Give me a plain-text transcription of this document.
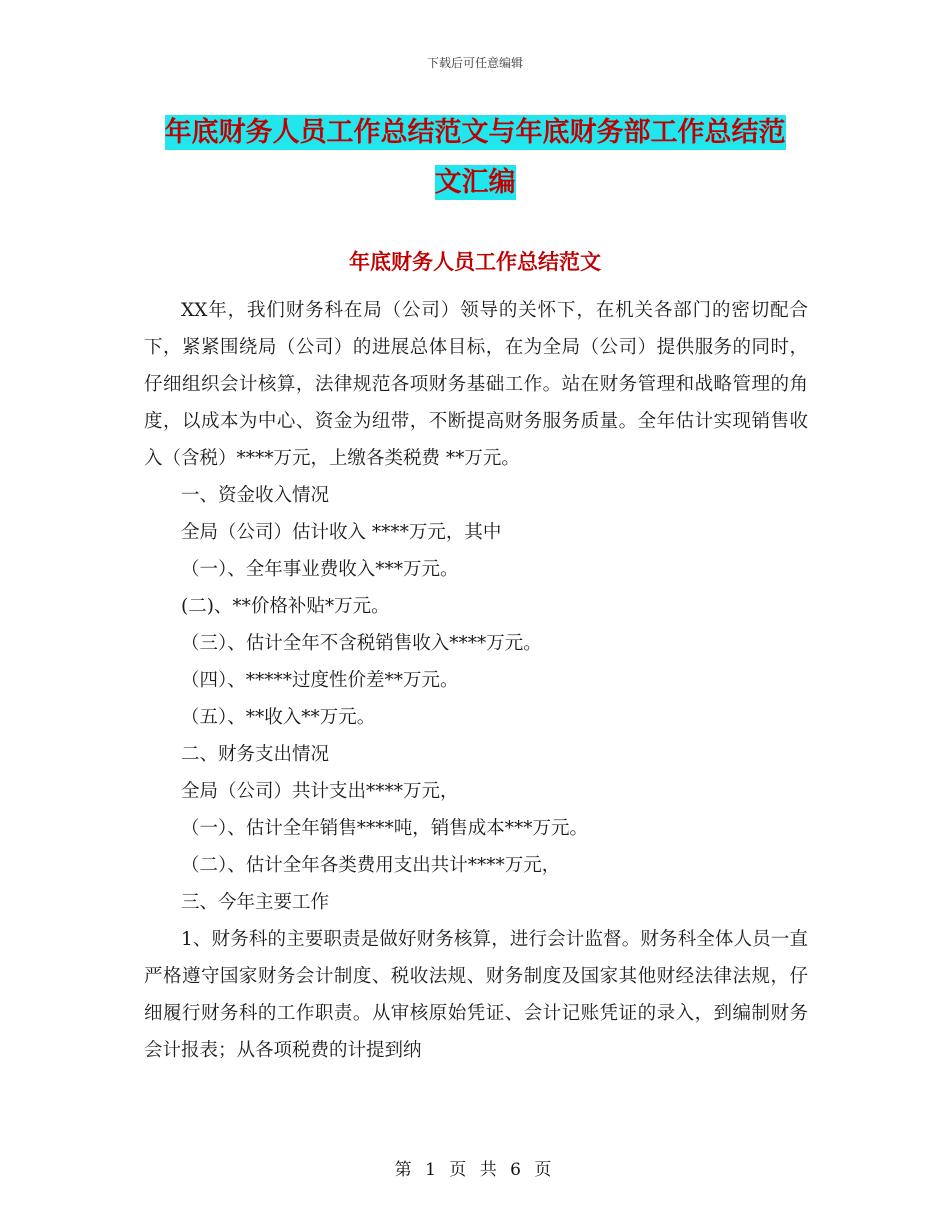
下载后可任意编辑
年底财务人员工作总结范文与年底财务部工作总结范
文汇编
年底财务人员工作总结范文

XX年，我们财务科在局（公司）领导的关怀下，在机关各部门的密切配合下，紧紧围绕局（公司）的进展总体目标，在为全局（公司）提供服务的同时，仔细组织会计核算，法律规范各项财务基础工作。站在财务管理和战略管理的角度，以成本为中心、资金为纽带，不断提高财务服务质量。全年估计实现销售收入（含税）****万元，上缴各类税费 **万元。

一、资金收入情况

全局（公司）估计收入 ****万元，其中

（一）、全年事业费收入***万元。

(二)、**价格补贴*万元。

（三）、估计全年不含税销售收入****万元。

（四）、*****过度性价差**万元。

（五）、**收入**万元。

二、财务支出情况

全局（公司）共计支出****万元，

（一）、估计全年销售****吨，销售成本***万元。

（二）、估计全年各类费用支出共计****万元，

三、今年主要工作

1、财务科的主要职责是做好财务核算，进行会计监督。财务科全体人员一直严格遵守国家财务会计制度、税收法规、财务制度及国家其他财经法律法规，仔细履行财务科的工作职责。从审核原始凭证、会计记账凭证的录入，到编制财务会计报表；从各项税费的计提到纳

第 1 页 共 6 页
